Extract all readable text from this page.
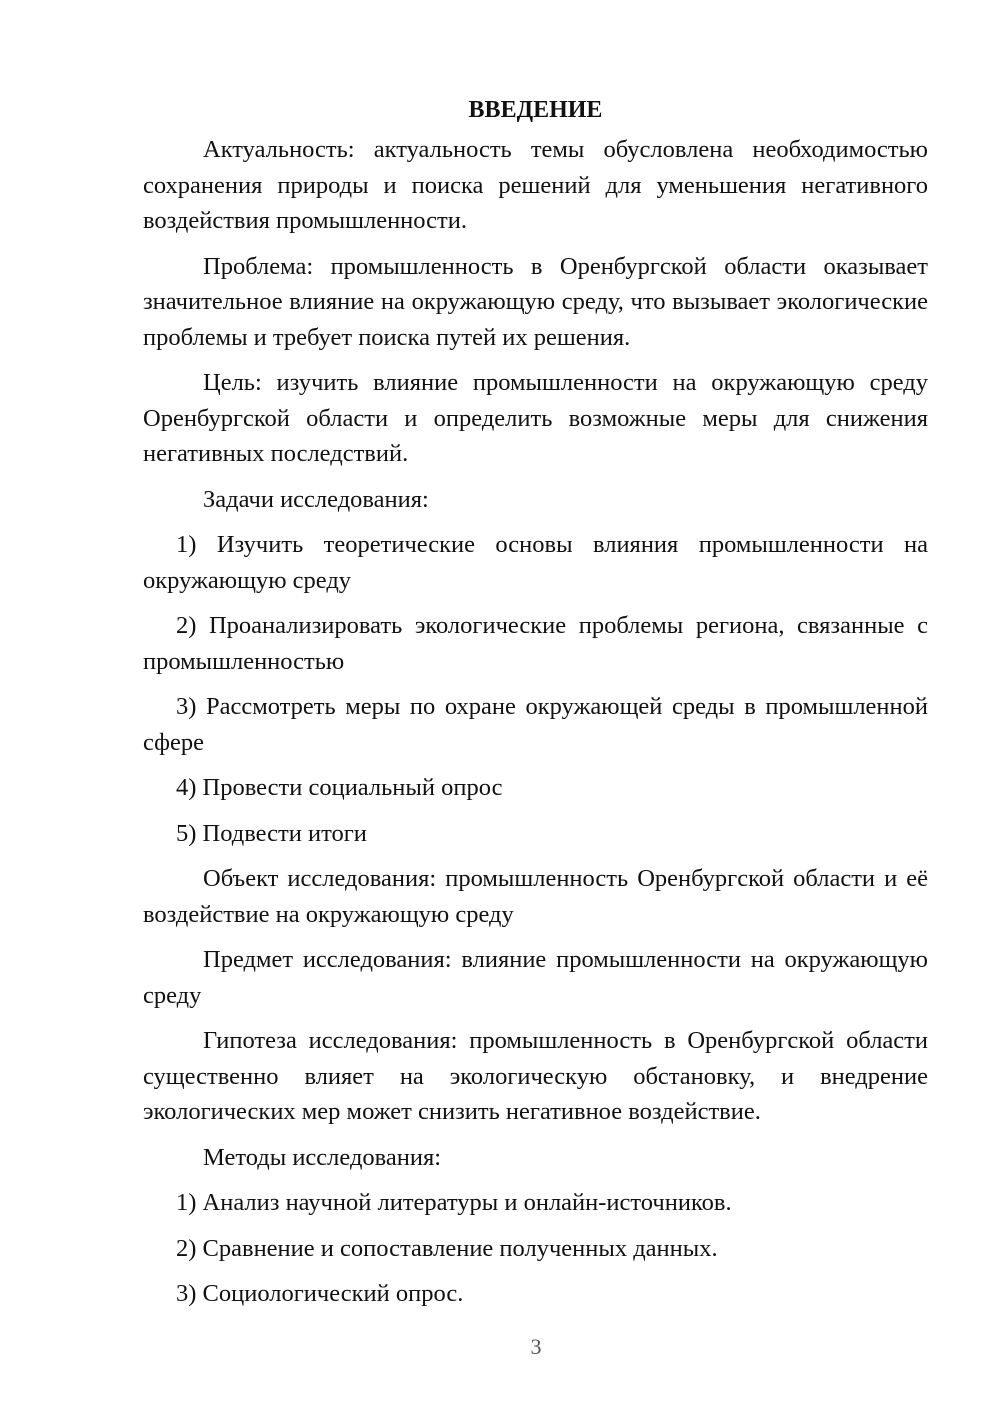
ВВЕДЕНИЕ

Актуальность: актуальность темы обусловлена необходимостью сохранения природы и поиска решений для уменьшения негативного воздействия промышленности.

Проблема: промышленность в Оренбургской области оказывает значительное влияние на окружающую среду, что вызывает экологические проблемы и требует поиска путей их решения.

Цель: изучить влияние промышленности на окружающую среду Оренбургской области и определить возможные меры для снижения негативных последствий.

Задачи исследования:

1) Изучить теоретические основы влияния промышленности на окружающую среду

2) Проанализировать экологические проблемы региона, связанные с промышленностью

3) Рассмотреть меры по охране окружающей среды в промышленной сфере

4) Провести социальный опрос

5) Подвести итоги

Объект исследования: промышленность Оренбургской области и её воздействие на окружающую среду

Предмет исследования: влияние промышленности на окружающую среду

Гипотеза исследования: промышленность в Оренбургской области существенно влияет на экологическую обстановку, и внедрение экологических мер может снизить негативное воздействие.

Методы исследования:

1) Анализ научной литературы и онлайн-источников.

2) Сравнение и сопоставление полученных данных.

3) Социологический опрос.

3
